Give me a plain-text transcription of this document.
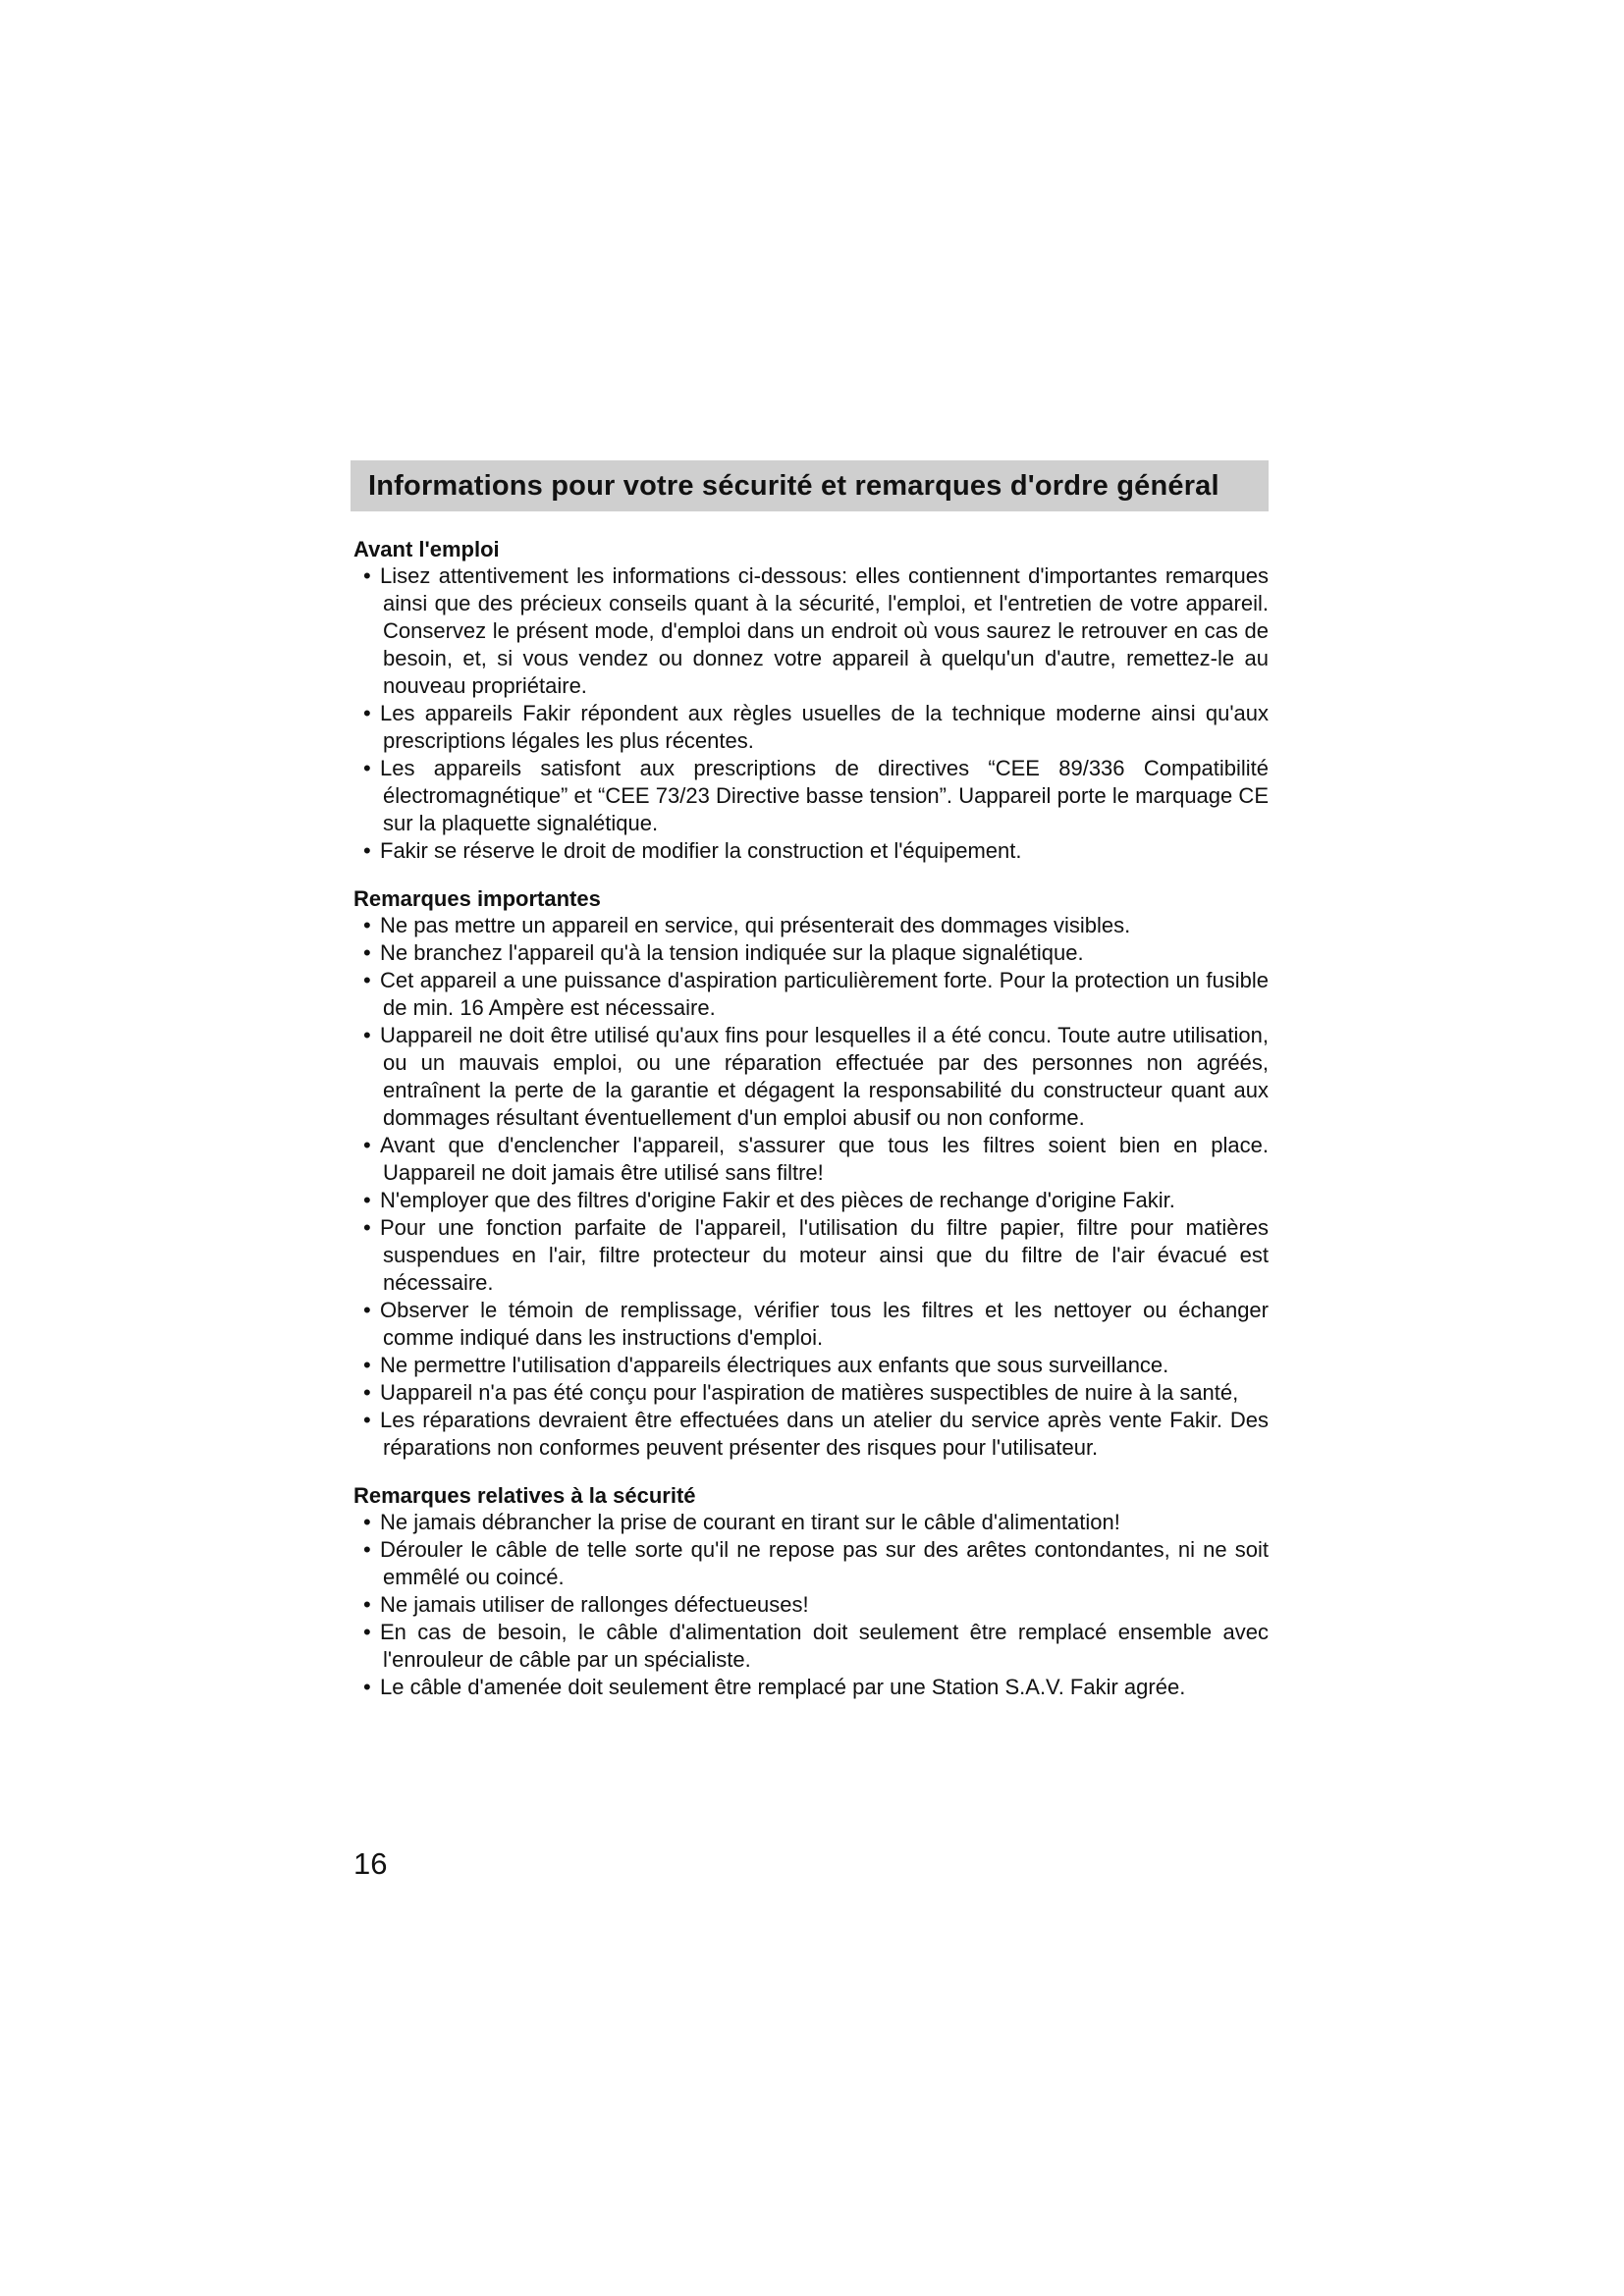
Informations pour votre sécurité et remarques d'ordre général
Avant l'emploi
• Lisez attentivement les informations ci-dessous: elles contiennent d'importantes remarques ainsi que des précieux conseils quant à la sécurité, l'emploi, et l'entretien de votre appareil. Conservez le présent mode, d'emploi dans un endroit où vous saurez le retrouver en cas de besoin, et, si vous vendez ou donnez votre appareil à quelqu'un d'autre, remettez-le au nouveau propriétaire.
• Les appareils Fakir répondent aux règles usuelles de la technique moderne ainsi qu'aux prescriptions légales les plus récentes.
• Les appareils satisfont aux prescriptions de directives “CEE 89/336 Compatibilité électromagnétique” et “CEE 73/23 Directive basse tension”. Uappareil porte le marquage CE sur la plaquette signalétique.
• Fakir se réserve le droit de modifier la construction et l'équipement.
Remarques importantes
• Ne pas mettre un appareil en service, qui présenterait des dommages visibles.
• Ne branchez l'appareil qu'à la tension indiquée sur la plaque signalétique.
• Cet appareil a une puissance d'aspiration particulièrement forte. Pour la protection un fusible de min. 16 Ampère est nécessaire.
• Uappareil ne doit être utilisé qu'aux fins pour lesquelles il a été concu. Toute autre utilisation, ou un mauvais emploi, ou une réparation effectuée par des personnes non agréés, entraînent la perte de la garantie et dégagent la responsabilité du constructeur quant aux dommages résultant éventuellement d'un emploi abusif ou non conforme.
• Avant que d'enclencher l'appareil, s'assurer que tous les filtres soient bien en place. Uappareil ne doit jamais être utilisé sans filtre!
• N'employer que des filtres d'origine Fakir et des pièces de rechange d'origine Fakir.
• Pour une fonction parfaite de l'appareil, l'utilisation du filtre papier, filtre pour matières suspendues en l'air, filtre protecteur du moteur ainsi que du filtre de l'air évacué est nécessaire.
• Observer le témoin de remplissage, vérifier tous les filtres et les nettoyer ou échanger comme indiqué dans les instructions d'emploi.
• Ne permettre l'utilisation d'appareils électriques aux enfants que sous surveillance.
• Uappareil n'a pas été conçu pour l'aspiration de matières suspectibles de nuire à la santé,
• Les réparations devraient être effectuées dans un atelier du service après vente Fakir. Des réparations non conformes peuvent présenter des risques pour l'utilisateur.
Remarques relatives à la sécurité
• Ne jamais débrancher la prise de courant en tirant sur le câble d'alimentation!
• Dérouler le câble de telle sorte qu'il ne repose pas sur des arêtes contondantes, ni ne soit emmêlé ou coincé.
• Ne jamais utiliser de rallonges défectueuses!
• En cas de besoin, le câble d'alimentation doit seulement être remplacé ensemble avec l'enrouleur de câble par un spécialiste.
• Le câble d'amenée doit seulement être remplacé par une Station S.A.V. Fakir agrée.

16
